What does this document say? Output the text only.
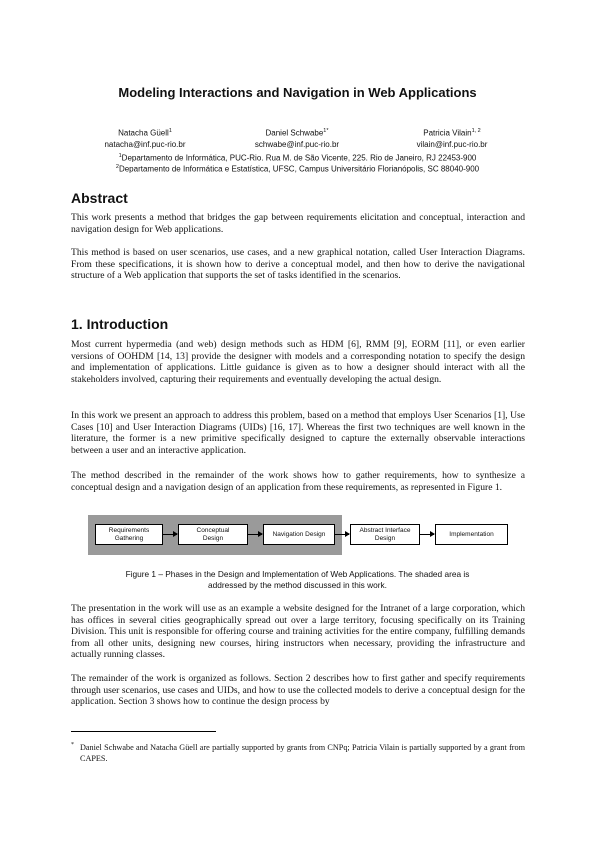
Modeling Interactions and Navigation in Web Applications
Natacha Güell$^1$
natacha@inf.puc-rio.br
Daniel Schwabe$^{1*}$
schwabe@inf.puc-rio.br
Patricia Vilain$^{1, 2}$
vilain@inf.puc-rio.br
$^1$Departamento de Informática, PUC-Rio. Rua M. de São Vicente, 225. Rio de Janeiro, RJ 22453-900
$^2$Departamento de Informática e Estatística, UFSC, Campus Universitário Florianópolis, SC 88040-900
Abstract

This work presents a method that bridges the gap between requirements elicitation and conceptual, interaction and navigation design for Web applications.

This method is based on user scenarios, use cases, and a new graphical notation, called User Interaction Diagrams. From these specifications, it is shown how to derive a conceptual model, and then how to derive the navigational structure of a Web application that supports the set of tasks identified in the scenarios.

1. Introduction

Most current hypermedia (and web) design methods such as HDM [6], RMM [9], EORM [11], or even earlier versions of OOHDM [14, 13] provide the designer with models and a corresponding notation to specify the design and implementation of applications. Little guidance is given as to how a designer should interact with all the stakeholders involved, capturing their requirements and eventually developing the actual design.

In this work we present an approach to address this problem, based on a method that employs User Scenarios [1], Use Cases [10] and User Interaction Diagrams (UIDs) [16, 17]. Whereas the first two techniques are well known in the literature, the former is a new primitive specifically designed to capture the externally observable interactions between a user and an interactive application.

The method described in the remainder of the work shows how to gather requirements, how to synthesize a conceptual design and a navigation design of an application from these requirements, as represented in Figure 1.

Requirements
Gathering
Conceptual
Design
Navigation Design
Abstract Interface
Design
Implementation
Figure 1 – Phases in the Design and Implementation of Web Applications. The shaded area is
addressed by the method discussed in this work.

The presentation in the work will use as an example a website designed for the Intranet of a large corporation, which has offices in several cities geographically spread out over a large territory, focusing specifically on its Training Division. This unit is responsible for offering course and training activities for the entire company, fulfilling demands from all other units, designing new courses, hiring instructors when necessary, providing the infrastructure and actually running classes.

The remainder of the work is organized as follows. Section 2 describes how to first gather and specify requirements through user scenarios, use cases and UIDs, and how to use the collected models to derive a conceptual design for the application. Section 3 shows how to continue the design process by

* Daniel Schwabe and Natacha Güell are partially supported by grants from CNPq; Patricia Vilain is partially supported by a grant from CAPES.
